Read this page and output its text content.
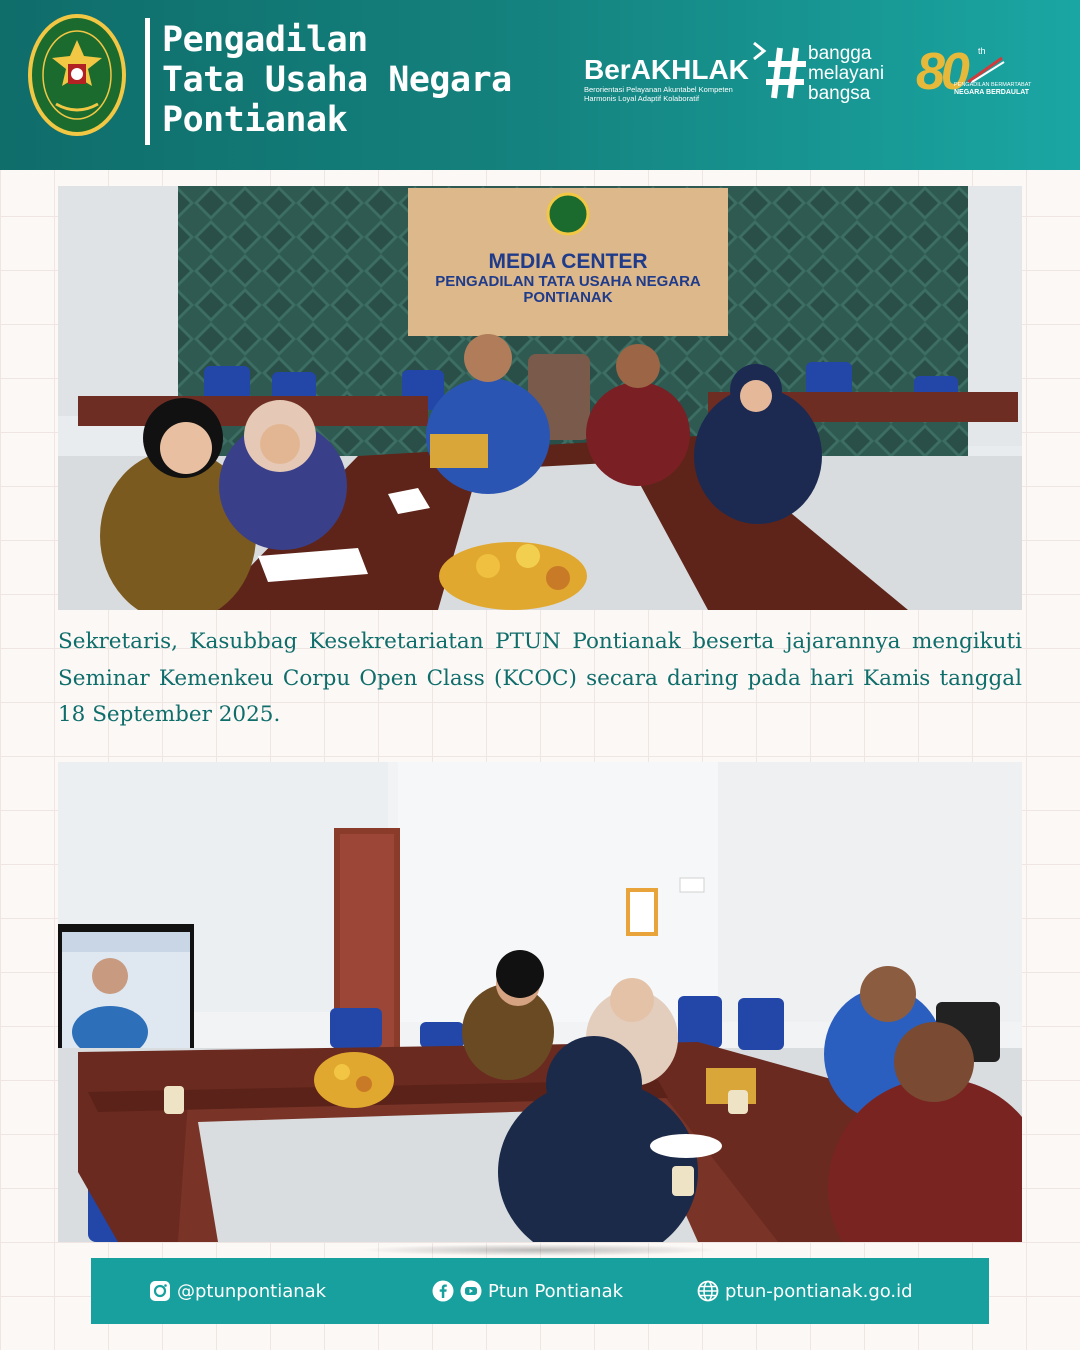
Pengadilan
Tata Usaha Negara
Pontianak
BerAKHLAK
Berorientasi Pelayanan Akuntabel Kompeten
Harmonis Loyal Adaptif Kolaboratif
bangga
melayani
bangsa 80 th
PENGADILAN BERMARTABAT
NEGARA BERDAULAT
MEDIA CENTER
PENGADILAN TATA USAHA NEGARA
PONTIANAK
Sekretaris, Kasubbag Kesekretariatan PTUN Pontianak beserta jajarannya mengikuti Seminar Kemenkeu Corpu Open Class (KCOC) secara daring pada hari Kamis tanggal 18 September 2025.
@ptunpontianak	Ptun Pontianak	ptun-pontianak.go.id
